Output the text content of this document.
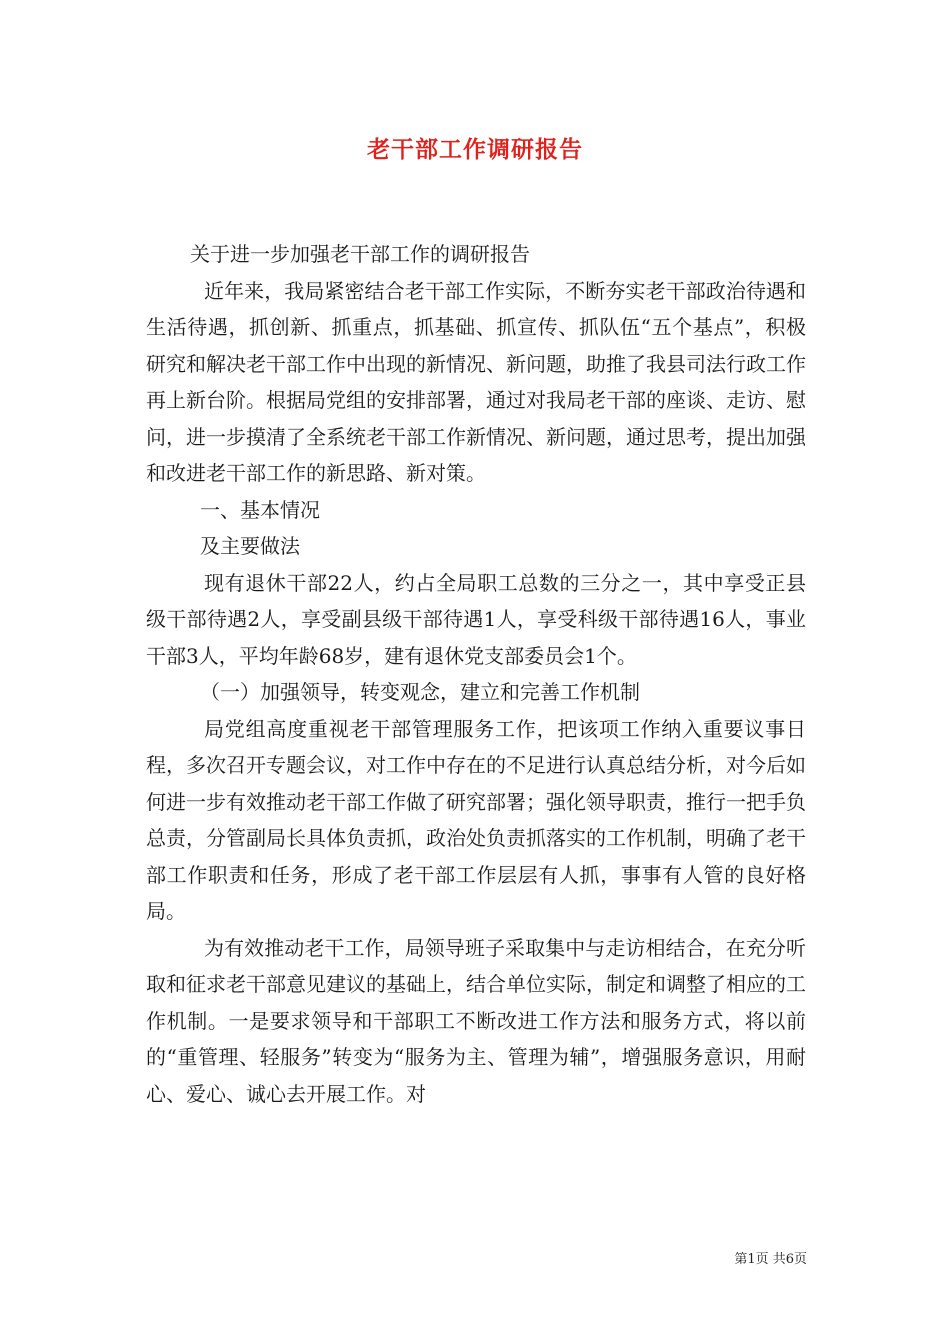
老干部工作调研报告

关于进一步加强老干部工作的调研报告

近年来，我局紧密结合老干部工作实际，不断夯实老干部政治待遇和生活待遇，抓创新、抓重点，抓基础、抓宣传、抓队伍“五个基点”，积极研究和解决老干部工作中出现的新情况、新问题，助推了我县司法行政工作再上新台阶。根据局党组的安排部署，通过对我局老干部的座谈、走访、慰问，进一步摸清了全系统老干部工作新情况、新问题，通过思考，提出加强和改进老干部工作的新思路、新对策。

一、基本情况

及主要做法

现有退休干部22人，约占全局职工总数的三分之一，其中享受正县级干部待遇2人，享受副县级干部待遇1人，享受科级干部待遇16人，事业干部3人，平均年龄68岁，建有退休党支部委员会1个。

（一）加强领导，转变观念，建立和完善工作机制

局党组高度重视老干部管理服务工作，把该项工作纳入重要议事日程，多次召开专题会议，对工作中存在的不足进行认真总结分析，对今后如何进一步有效推动老干部工作做了研究部署；强化领导职责，推行一把手负总责，分管副局长具体负责抓，政治处负责抓落实的工作机制，明确了老干部工作职责和任务，形成了老干部工作层层有人抓，事事有人管的良好格局。

为有效推动老干工作，局领导班子采取集中与走访相结合，在充分听取和征求老干部意见建议的基础上，结合单位实际，制定和调整了相应的工作机制。一是要求领导和干部职工不断改进工作方法和服务方式，将以前的“重管理、轻服务”转变为“服务为主、管理为辅”，增强服务意识，用耐心、爱心、诚心去开展工作。对

第1页 共6页
